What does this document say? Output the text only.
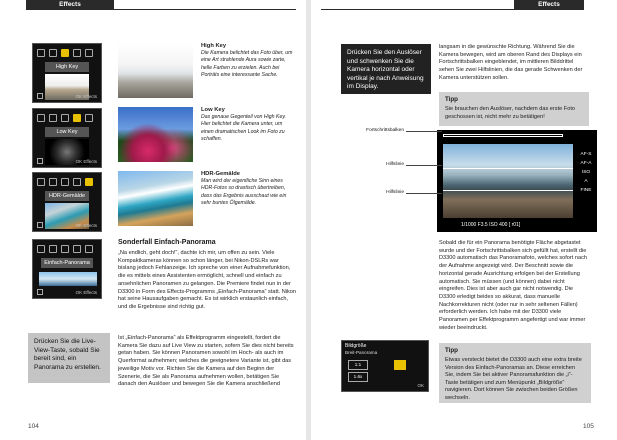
Effects
High Key
OK Effects
High Key
Die Kamera belichtet das Foto über, um eine Art strahlende Aura sowie zarte, helle Farben zu erzielen. Auch bei Porträts eine interessante Sache.
Low Key
OK Effects
Low Key
Das genaue Gegenteil von High Key. Hier belichtet die Kamera unter, um einen dramatischen Look im Foto zu schaffen.
HDR-Gemälde
OK Effects
HDR-Gemälde
Man wird der eigentliche Sinn eines HDR-Fotos so drastisch übertreiben, dass das Ergebnis ausschaut wie ein sehr buntes Ölgemälde.
Einfach-Panorama
OK Effects
Sonderfall Einfach-Panorama
„Na endlich, geht doch!“, dachte ich mir, um offen zu sein. Viele Kompaktkameras können so schon länger, bei Nikon-DSLRs war bislang jedoch Fehlanzeige. Ich spreche von einer Aufnahmefunktion, die es mittels eines Assistenten ermöglicht, schnell und einfach zu ansehnlichen Panoramen zu gelangen. Die Premiere findet nun in der D3300 in Form des Effects-Programms „Einfach-Panorama“ statt. Nikon hat seine Hausaufgaben gemacht. Es ist wirklich erstaunlich einfach, und die Ergebnisse sind richtig gut.
Ist „Einfach-Panorama“ als Effektprogramm eingestellt, fordert die Kamera Sie dazu auf Live View zu starten, sofern Sie dies nicht bereits getan haben. Sie können Panoramen sowohl im Hoch- als auch im Querformat aufnehmen; welches die geeignetere Variante ist, gibt das jeweilige Motiv vor. Richten Sie die Kamera auf den Beginn der Szenerie, die Sie als Panorama aufnehmen wollen, betätigen Sie danach den Auslöser und bewegen Sie die Kamera anschließend
Drücken Sie die Live-View-Taste, sobald Sie bereit sind, ein Panorama zu erstellen.
104
Effects
Drücken Sie den Auslöser und schwenken Sie die Kamera horizontal oder vertikal je nach Anweisung im Display.
langsam in die gewünschte Richtung. Während Sie die Kamera bewegen, wird am oberen Rand des Displays ein Fortschrittsbalken eingeblendet, im mittleren Bilddrittel sehen Sie zwei Hilfslinien, die das gerade Schwenken der Kamera unterstützen sollen.
Tipp
Sie brauchen den Auslöser, nachdem das erste Foto geschossen ist, nicht mehr zu betätigen!
AF-S
AF-A
ISO
A
FINE
1/1000 F3.5 ISO 400 [ r01]
Fortschrittsbalken
Hilfslinie
Hilfslinie
Sobald die für ein Panorama benötigte Fläche abgetastet wurde und der Fortschrittsbalken sich gefüllt hat, erstellt die D3300 automatisch das Panoramafoto, welches sofort nach der Aufnahme angezeigt wird. Der Beschnitt sowie die horizontal gerade Ausrichtung erfolgen bei der Erstellung automatisch. Sie müssen (und können) dabei nicht eingreifen. Dies ist aber auch gar nicht notwendig. Die D3300 erledigt beides so akkurat, dass manuelle Nachkorrekturen nicht (oder nur in sehr seltenen Fällen) erforderlich werden. Ich habe mit der D3300 viele Panoramen per Effektprogramm angefertigt und war immer wieder beeindruckt.
Bildgröße
Breit-Panorama
1:1
1.6x
OK
Tipp
Etwas versteckt bietet die D3300 auch eine extra breite Version des Einfach-Panoramas an. Diese erreichen Sie, indem Sie bei aktiver Panoramafunktion die „i“-Taste betätigen und zum Menüpunkt „Bildgröße“ navigieren. Dort können Sie zwischen beiden Größen wechseln.
105
